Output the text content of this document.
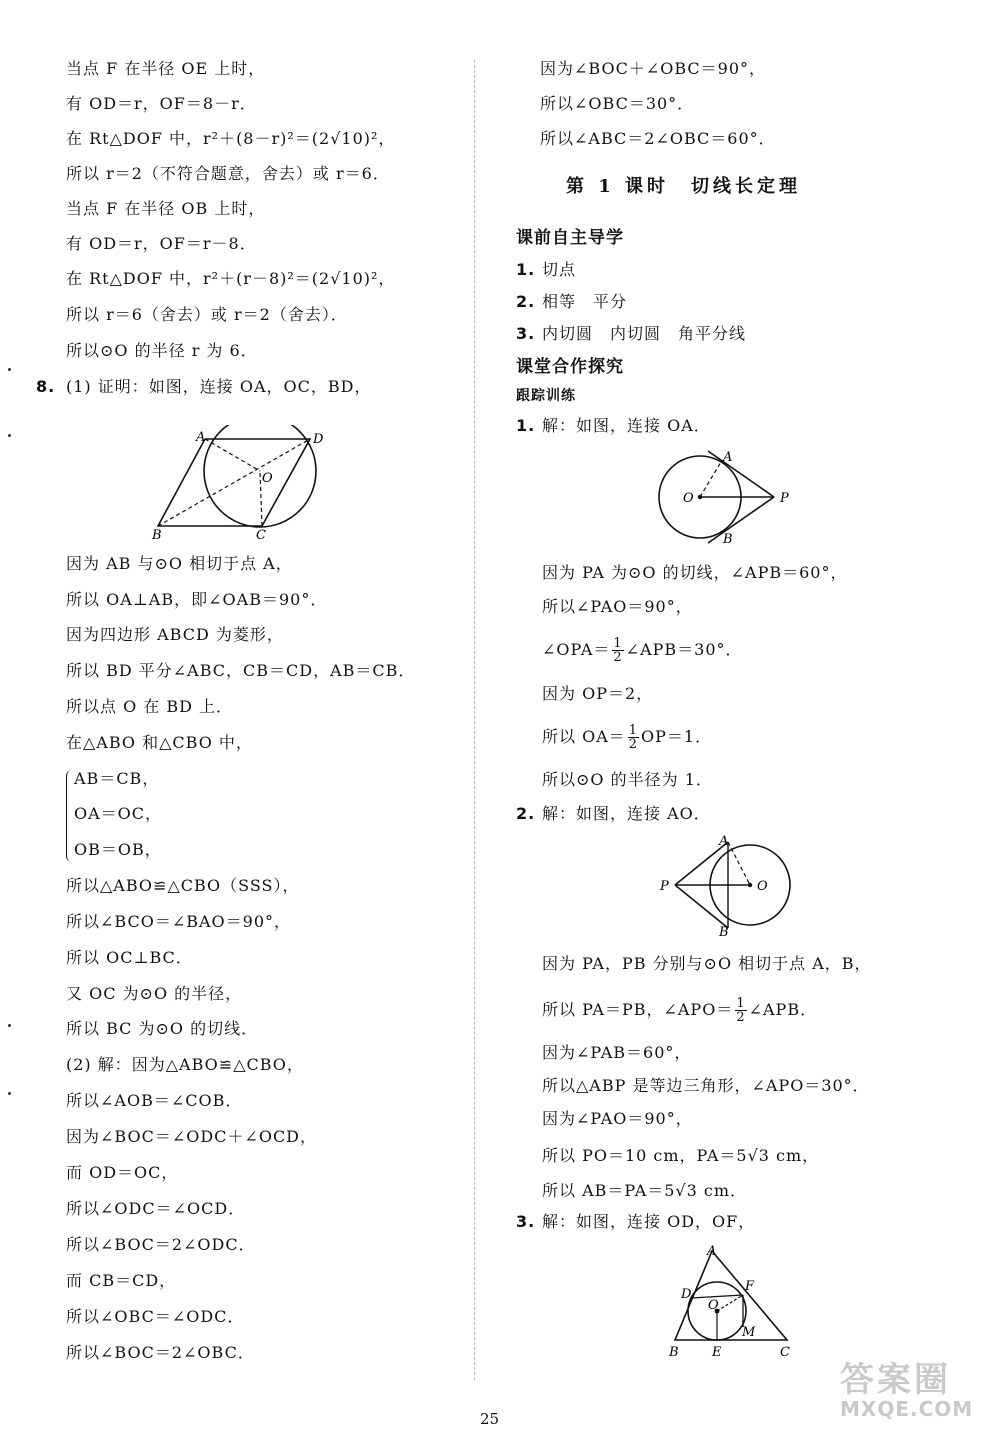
当点 F 在半径 OE 上时，
有 OD＝r，OF＝8－r．
在 Rt△DOF 中，r²＋(8－r)²＝(2√10)²，
所以 r＝2（不符合题意，舍去）或 r＝6．
当点 F 在半径 OB 上时，
有 OD＝r，OF＝r－8．
在 Rt△DOF 中，r²＋(r－8)²＝(2√10)²，
所以 r＝6（舍去）或 r＝2（舍去）．
所以⊙O 的半径 r 为 6．
8. (1) 证明：如图，连接 OA，OC，BD，
A	D
O
B	C
因为 AB 与⊙O 相切于点 A，
所以 OA⊥AB，即∠OAB＝90°．
因为四边形 ABCD 为菱形，
所以 BD 平分∠ABC，CB＝CD，AB＝CB．
所以点 O 在 BD 上．
在△ABO 和△CBO 中，
AB＝CB，
OA＝OC，
OB＝OB，
所以△ABO≌△CBO（SSS），
所以∠BCO＝∠BAO＝90°，
所以 OC⊥BC．
又 OC 为⊙O 的半径，
所以 BC 为⊙O 的切线．
(2) 解：因为△ABO≌△CBO，
所以∠AOB＝∠COB．
因为∠BOC＝∠ODC＋∠OCD，
而 OD＝OC，
所以∠ODC＝∠OCD．
所以∠BOC＝2∠ODC．
而 CB＝CD，
所以∠OBC＝∠ODC．
所以∠BOC＝2∠OBC．
因为∠BOC＋∠OBC＝90°，
所以∠OBC＝30°．
所以∠ABC＝2∠OBC＝60°．
第 1 课时　切线长定理
课前自主导学
1. 切点
2. 相等　平分
3. 内切圆　内切圆　角平分线
课堂合作探究
跟踪训练
1. 解：如图，连接 OA．
A
O	P
B
因为 PA 为⊙O 的切线，∠APB＝60°，
所以∠PAO＝90°，
∠OPA＝ $\frac{1}{2}$ ∠APB＝30°．
因为 OP＝2，
所以 $OA= \frac{1}{2} OP=1$．
所以⊙O 的半径为 1．
2. 解：如图，连接 AO．
A
P	O
B
因为 PA，PB 分别与⊙O 相切于点 A，B，
所以 PA＝PB，∠APO＝ $\frac{1}{2}$ ∠APB．
因为∠PAB＝60°，
所以△ABP 是等边三角形，∠APO＝30°．
因为∠PAO＝90°，
所以 PO＝10 cm，PA＝5√3 cm，
所以 AB＝PA＝5√3 cm．
3. 解：如图，连接 OD，OF，
A
D
F
O
M
B	E	C
25
答案圈
MXQE.COM
